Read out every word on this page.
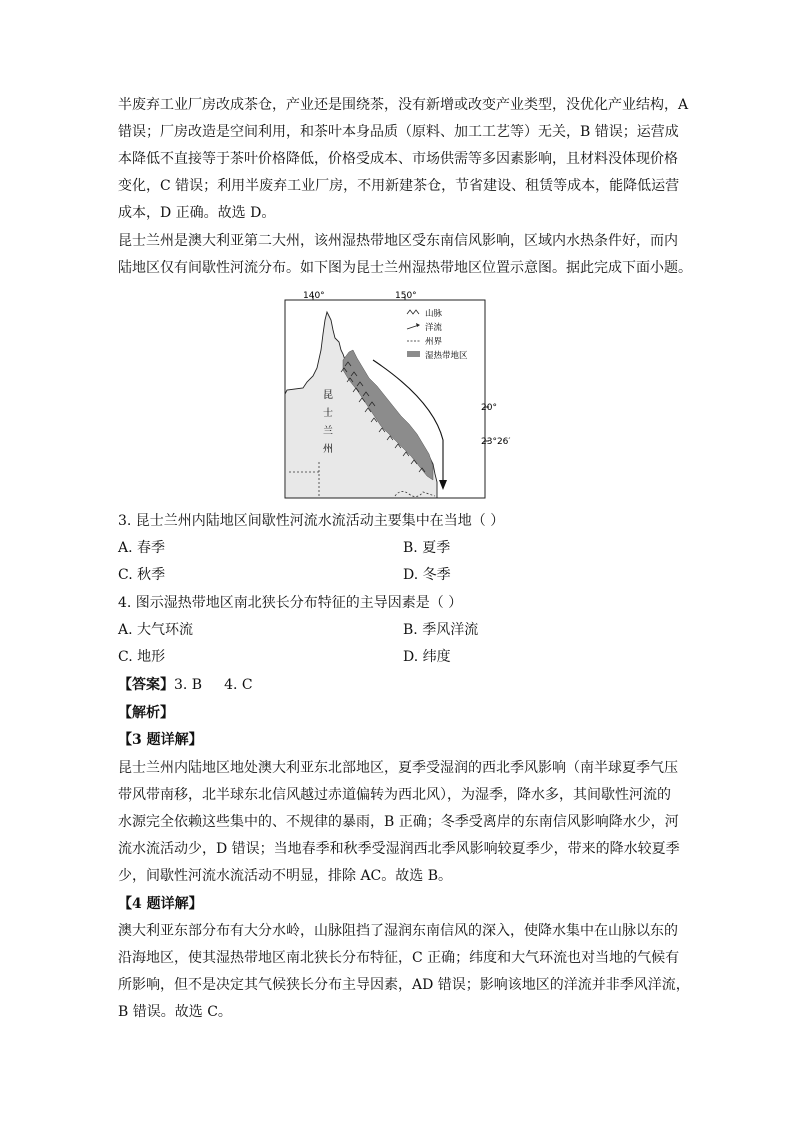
半废弃工业厂房改成茶仓，产业还是围绕茶，没有新增或改变产业类型，没优化产业结构，A

错误；厂房改造是空间利用，和茶叶本身品质（原料、加工工艺等）无关，B 错误；运营成

本降低不直接等于茶叶价格降低，价格受成本、市场供需等多因素影响，且材料没体现价格

变化，C 错误；利用半废弃工业厂房，不用新建茶仓，节省建设、租赁等成本，能降低运营

成本，D 正确。故选 D。

昆士兰州是澳大利亚第二大州，该州湿热带地区受东南信风影响，区域内水热条件好，而内

陆地区仅有间歇性河流分布。如下图为昆士兰州湿热带地区位置示意图。据此完成下面小题。

140°	150°
20°
23°26′
昆
士
兰
州
山脉
洋流
州界
湿热带地区

3. 昆士兰州内陆地区间歇性河流水流活动主要集中在当地（ ）

A. 春季	B. 夏季
C. 秋季	D. 冬季

4. 图示湿热带地区南北狭长分布特征的主导因素是（ ）

A. 大气环流	B. 季风洋流
C. 地形	D. 纬度
【答案】3. B 4. C
【解析】
【3 题详解】

昆士兰州内陆地区地处澳大利亚东北部地区，夏季受湿润的西北季风影响（南半球夏季气压

带风带南移，北半球东北信风越过赤道偏转为西北风），为湿季，降水多，其间歇性河流的

水源完全依赖这些集中的、不规律的暴雨，B 正确；冬季受离岸的东南信风影响降水少，河

流水流活动少，D 错误；当地春季和秋季受湿润西北季风影响较夏季少，带来的降水较夏季

少，间歇性河流水流活动不明显，排除 AC。故选 B。

【4 题详解】

澳大利亚东部分布有大分水岭，山脉阻挡了湿润东南信风的深入，使降水集中在山脉以东的

沿海地区，使其湿热带地区南北狭长分布特征，C 正确；纬度和大气环流也对当地的气候有

所影响，但不是决定其气候狭长分布主导因素，AD 错误；影响该地区的洋流并非季风洋流，

B 错误。故选 C。
